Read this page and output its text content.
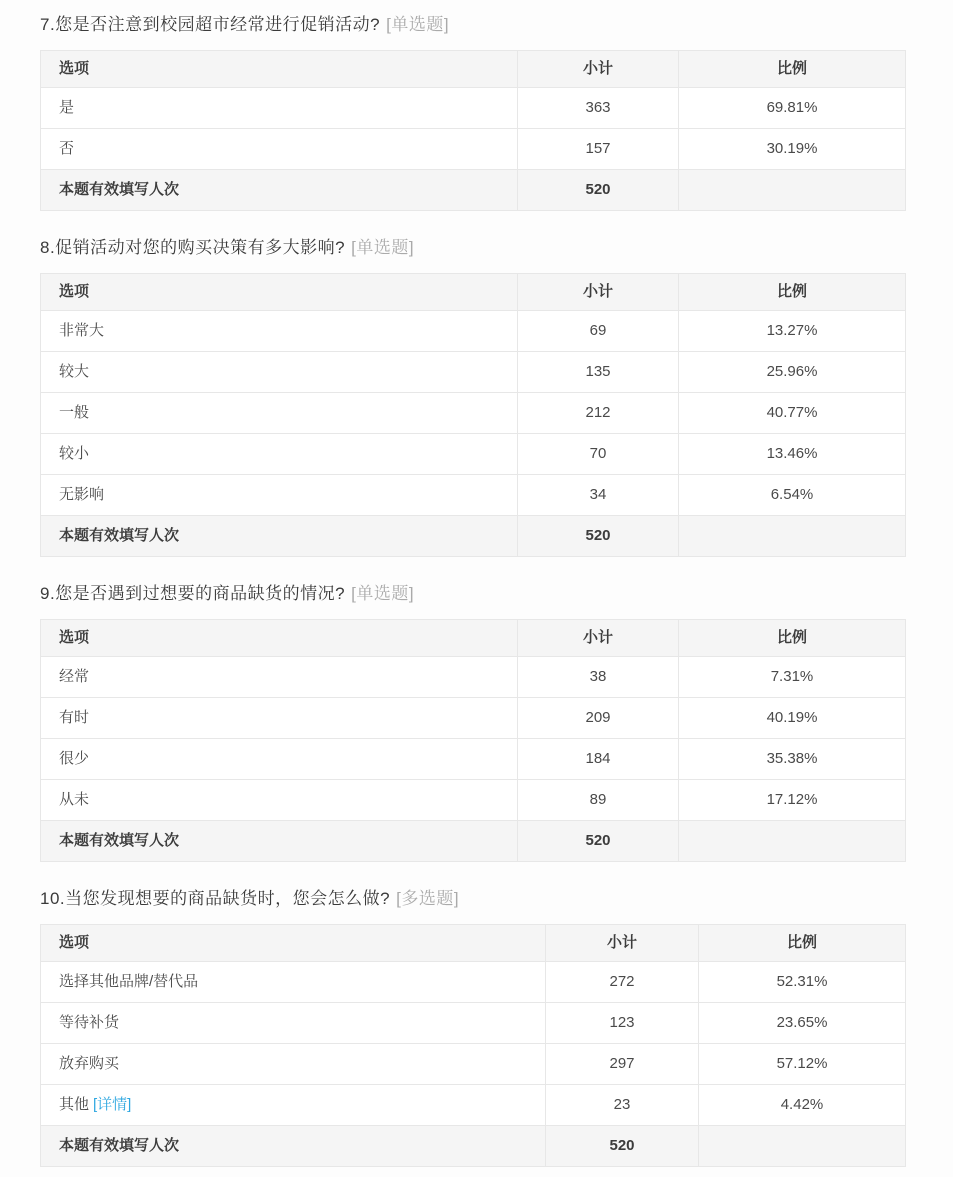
7.您是否注意到校园超市经常进行促销活动? [单选题]
选项	小计	比例
是	363	69.81%
否	157	30.19%
本题有效填写人次	520	
8.促销活动对您的购买决策有多大影响? [单选题]
选项	小计	比例
非常大	69	13.27%
较大	135	25.96%
一般	212	40.77%
较小	70	13.46%
无影响	34	6.54%
本题有效填写人次	520	
9.您是否遇到过想要的商品缺货的情况? [单选题]
选项	小计	比例
经常	38	7.31%
有时	209	40.19%
很少	184	35.38%
从未	89	17.12%
本题有效填写人次	520	
10.当您发现想要的商品缺货时，您会怎么做? [多选题]
选项	小计	比例
选择其他品牌/替代品	272	52.31%
等待补货	123	23.65%
放弃购买	297	57.12%
其他 [详情]	23	4.42%
本题有效填写人次	520	
